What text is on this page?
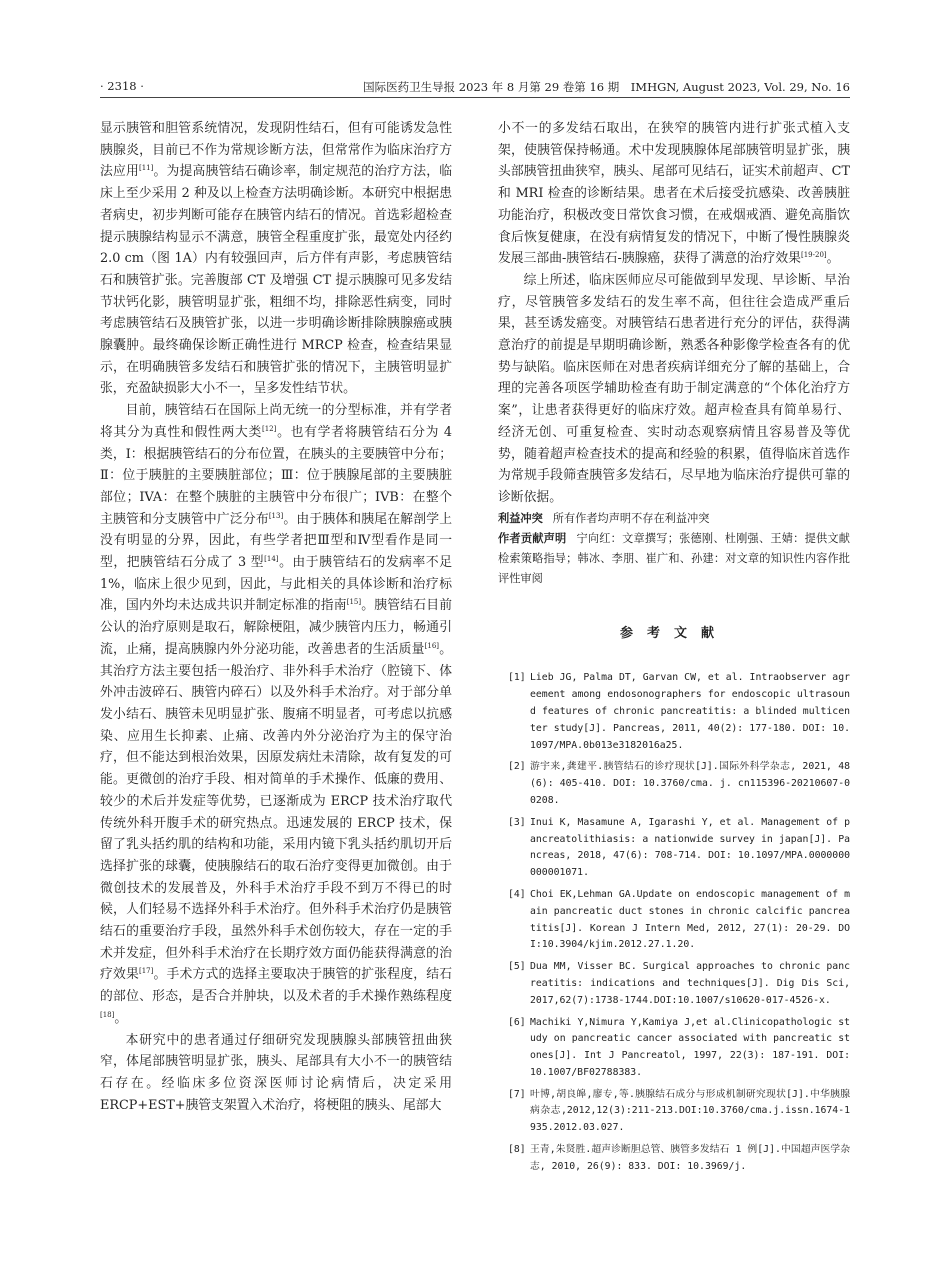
· 2318 ·	国际医药卫生导报 2023 年 8 月第 29 卷第 16 期　IMHGN, August 2023, Vol. 29, No. 16

显示胰管和胆管系统情况，发现阴性结石，但有可能诱发急性胰腺炎，目前已不作为常规诊断方法，但常常作为临床治疗方法应用[11]。为提高胰管结石确诊率，制定规范的治疗方法，临床上至少采用 2 种及以上检查方法明确诊断。本研究中根据患者病史，初步判断可能存在胰管内结石的情况。首选彩超检查提示胰腺结构显示不满意，胰管全程重度扩张，最宽处内径约 2.0 cm（图 1A）内有较强回声，后方伴有声影，考虑胰管结石和胰管扩张。完善腹部 CT 及增强 CT 提示胰腺可见多发结节状钙化影，胰管明显扩张，粗细不均，排除恶性病变，同时考虑胰管结石及胰管扩张，以进一步明确诊断排除胰腺癌或胰腺囊肿。最终确保诊断正确性进行 MRCP 检查，检查结果显示，在明确胰管多发结石和胰管扩张的情况下，主胰管明显扩张，充盈缺损影大小不一，呈多发性结节状。

目前，胰管结石在国际上尚无统一的分型标准，并有学者将其分为真性和假性两大类[12]。也有学者将胰管结石分为 4 类，Ⅰ：根据胰管结石的分布位置，在胰头的主要胰管中分布；Ⅱ：位于胰脏的主要胰脏部位；Ⅲ：位于胰腺尾部的主要胰脏部位；IVA：在整个胰脏的主胰管中分布很广；IVB：在整个主胰管和分支胰管中广泛分布[13]。由于胰体和胰尾在解剖学上没有明显的分界，因此，有些学者把Ⅲ型和Ⅳ型看作是同一型，把胰管结石分成了 3 型[14]。由于胰管结石的发病率不足 1%，临床上很少见到，因此，与此相关的具体诊断和治疗标准，国内外均未达成共识并制定标准的指南[15]。胰管结石目前公认的治疗原则是取石，解除梗阻，减少胰管内压力，畅通引流，止痛，提高胰腺内外分泌功能，改善患者的生活质量[16]。其治疗方法主要包括一般治疗、非外科手术治疗（腔镜下、体外冲击波碎石、胰管内碎石）以及外科手术治疗。对于部分单发小结石、胰管未见明显扩张、腹痛不明显者，可考虑以抗感染、应用生长抑素、止痛、改善内外分泌治疗为主的保守治疗，但不能达到根治效果，因原发病灶未清除，故有复发的可能。更微创的治疗手段、相对简单的手术操作、低廉的费用、较少的术后并发症等优势，已逐渐成为 ERCP 技术治疗取代传统外科开腹手术的研究热点。迅速发展的 ERCP 技术，保留了乳头括约肌的结构和功能，采用内镜下乳头括约肌切开后选择扩张的球囊，使胰腺结石的取石治疗变得更加微创。由于微创技术的发展普及，外科手术治疗手段不到万不得已的时候，人们轻易不选择外科手术治疗。但外科手术治疗仍是胰管结石的重要治疗手段，虽然外科手术创伤较大，存在一定的手术并发症，但外科手术治疗在长期疗效方面仍能获得满意的治疗效果[17]。手术方式的选择主要取决于胰管的扩张程度，结石的部位、形态，是否合并肿块，以及术者的手术操作熟练程度[18]。

本研究中的患者通过仔细研究发现胰腺头部胰管扭曲狭窄，体尾部胰管明显扩张，胰头、尾部具有大小不一的胰管结石存在。经临床多位资深医师讨论病情后，决定采用 ERCP+EST+胰管支架置入术治疗，将梗阻的胰头、尾部大

小不一的多发结石取出，在狭窄的胰管内进行扩张式植入支架，使胰管保持畅通。术中发现胰腺体尾部胰管明显扩张，胰头部胰管扭曲狭窄，胰头、尾部可见结石，证实术前超声、CT 和 MRI 检查的诊断结果。患者在术后接受抗感染、改善胰脏功能治疗，积极改变日常饮食习惯，在戒烟戒酒、避免高脂饮食后恢复健康，在没有病情复发的情况下，中断了慢性胰腺炎发展三部曲-胰管结石-胰腺癌，获得了满意的治疗效果[19-20]。

综上所述，临床医师应尽可能做到早发现、早诊断、早治疗，尽管胰管多发结石的发生率不高，但往往会造成严重后果，甚至诱发癌变。对胰管结石患者进行充分的评估，获得满意治疗的前提是早期明确诊断，熟悉各种影像学检查各有的优势与缺陷。临床医师在对患者疾病详细充分了解的基础上，合理的完善各项医学辅助检查有助于制定满意的“个体化治疗方案”，让患者获得更好的临床疗效。超声检查具有简单易行、经济无创、可重复检查、实时动态观察病情且容易普及等优势，随着超声检查技术的提高和经验的积累，值得临床首选作为常规手段筛查胰管多发结石，尽早地为临床治疗提供可靠的诊断依据。

利益冲突 所有作者均声明不存在利益冲突

作者贡献声明 宁向红：文章撰写；张德刚、杜刚强、王婧：提供文献检索策略指导；韩冰、李朋、崔广和、孙建：对文章的知识性内容作批评性审阅

参考文献
[1] Lieb JG, Palma DT, Garvan CW, et al. Intraobserver agreement among endosonographers for endoscopic ultrasound features of chronic pancreatitis: a blinded multicenter study[J]. Pancreas, 2011, 40(2): 177-180. DOI: 10.1097/MPA.0b013e3182016a25.
[2] 游宇来,龚建平.胰管结石的诊疗现状[J].国际外科学杂志, 2021, 48(6): 405-410. DOI: 10.3760/cma. j. cn115396-20210607-00208.
[3] Inui K, Masamune A, Igarashi Y, et al. Management of pancreatolithiasis: a nationwide survey in japan[J]. Pancreas, 2018, 47(6): 708-714. DOI: 10.1097/MPA.0000000000001071.
[4] Choi EK,Lehman GA.Update on endoscopic management of main pancreatic duct stones in chronic calcific pancreatitis[J]. Korean J Intern Med, 2012, 27(1): 20-29. DOI:10.3904/kjim.2012.27.1.20.
[5] Dua MM, Visser BC. Surgical approaches to chronic pancreatitis: indications and techniques[J]. Dig Dis Sci, 2017,62(7):1738-1744.DOI:10.1007/s10620-017-4526-x.
[6] Machiki Y,Nimura Y,Kamiya J,et al.Clinicopathologic study on pancreatic cancer associated with pancreatic stones[J]. Int J Pancreatol, 1997, 22(3): 187-191. DOI: 10.1007/BF02788383.
[7] 叶博,胡良皞,廖专,等.胰腺结石成分与形成机制研究现状[J].中华胰腺病杂志,2012,12(3):211-213.DOI:10.3760/cma.j.issn.1674-1935.2012.03.027.
[8] 王青,朱贤胜.超声诊断胆总管、胰管多发结石 1 例[J].中国超声医学杂志, 2010, 26(9): 833. DOI: 10.3969/j.
